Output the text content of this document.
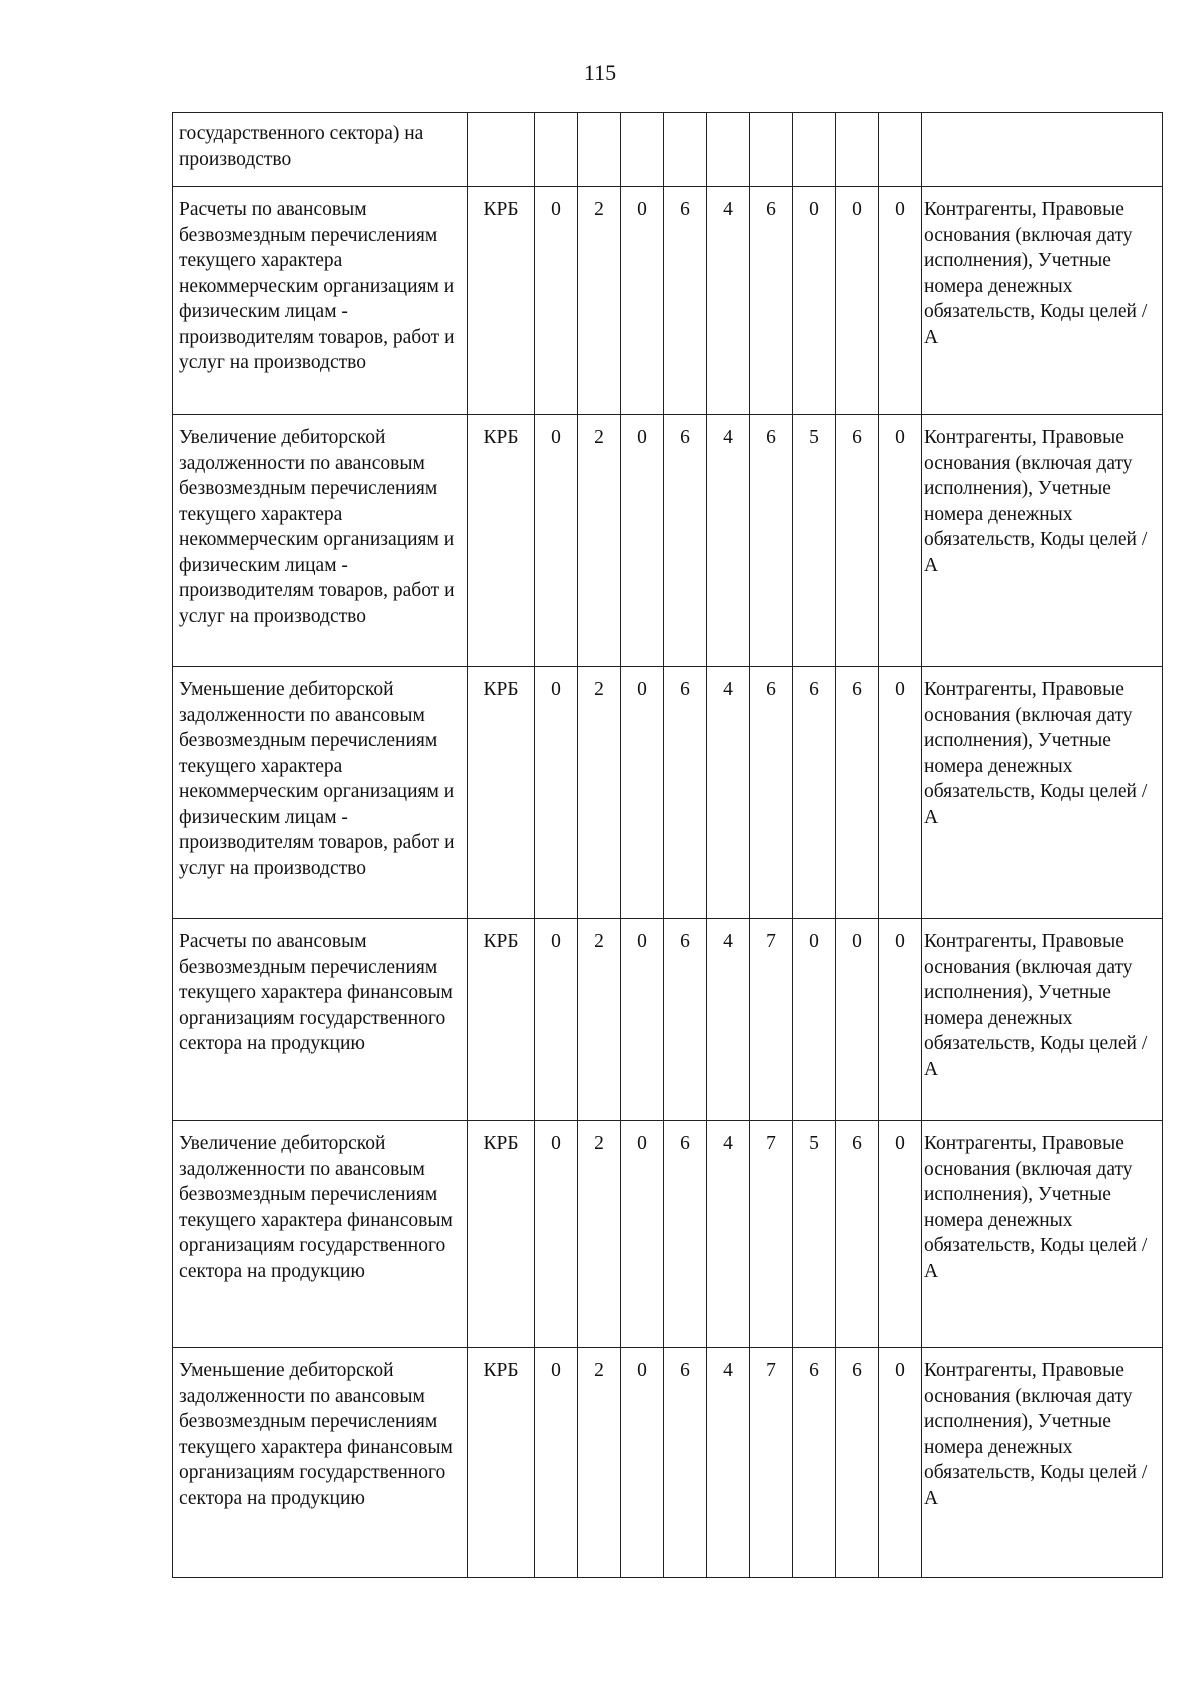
115
государственного сектора) на производство											
Расчеты по авансовым безвозмездным перечислениям текущего характера некоммерческим организациям и физическим лицам - производителям товаров, работ и услуг на производство	КРБ	0	2	0	6	4	6	0	0	0	Контрагенты, Правовые основания (включая дату исполнения), Учетные номера денежных обязательств, Коды целей /А
Увеличение дебиторской задолженности по авансовым безвозмездным перечислениям текущего характера некоммерческим организациям и физическим лицам - производителям товаров, работ и услуг на производство	КРБ	0	2	0	6	4	6	5	6	0	Контрагенты, Правовые основания (включая дату исполнения), Учетные номера денежных обязательств, Коды целей /А
Уменьшение дебиторской задолженности по авансовым безвозмездным перечислениям текущего характера некоммерческим организациям и физическим лицам - производителям товаров, работ и услуг на производство	КРБ	0	2	0	6	4	6	6	6	0	Контрагенты, Правовые основания (включая дату исполнения), Учетные номера денежных обязательств, Коды целей /А
Расчеты по авансовым безвозмездным перечислениям текущего характера финансовым организациям государственного сектора на продукцию	КРБ	0	2	0	6	4	7	0	0	0	Контрагенты, Правовые основания (включая дату исполнения), Учетные номера денежных обязательств, Коды целей /А
Увеличение дебиторской задолженности по авансовым безвозмездным перечислениям текущего характера финансовым организациям государственного сектора на продукцию	КРБ	0	2	0	6	4	7	5	6	0	Контрагенты, Правовые основания (включая дату исполнения), Учетные номера денежных обязательств, Коды целей /А
Уменьшение дебиторской задолженности по авансовым безвозмездным перечислениям текущего характера финансовым организациям государственного сектора на продукцию	КРБ	0	2	0	6	4	7	6	6	0	Контрагенты, Правовые основания (включая дату исполнения), Учетные номера денежных обязательств, Коды целей /А
